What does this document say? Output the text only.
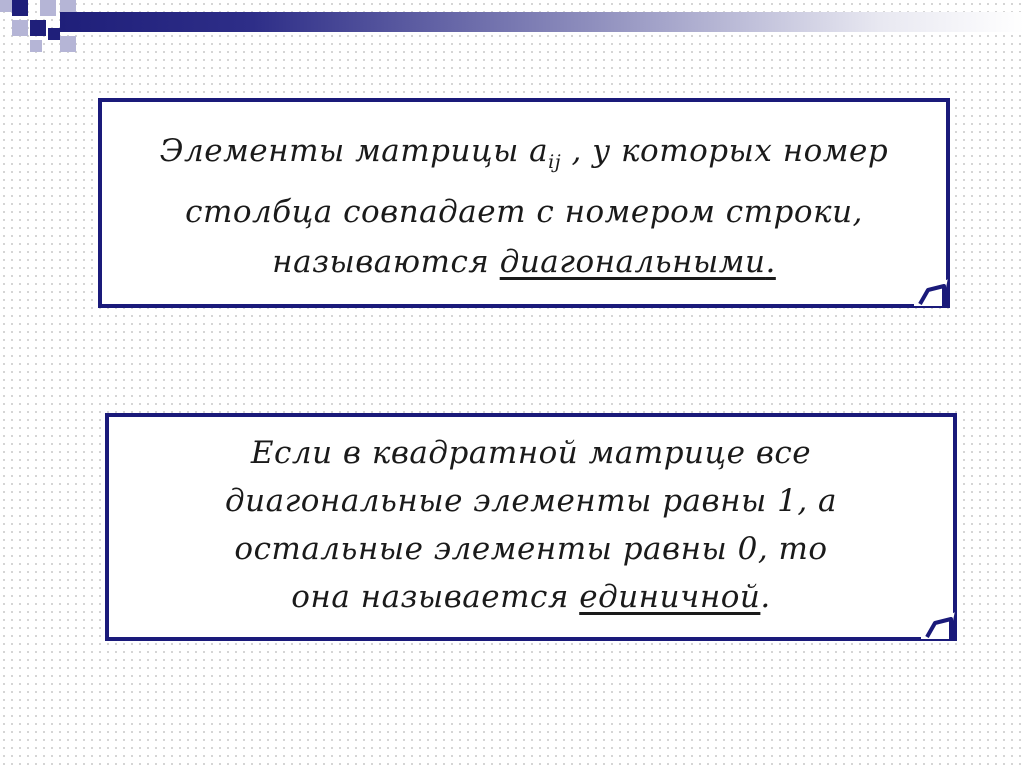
Элементы матрицы $a_{ij}$ , у которых номер
столбца совпадает с номером строки,
называются диагональными.
Если в квадратной матрице все
диагональные элементы равны 1, а
остальные элементы равны 0, то
она называется единичной.
